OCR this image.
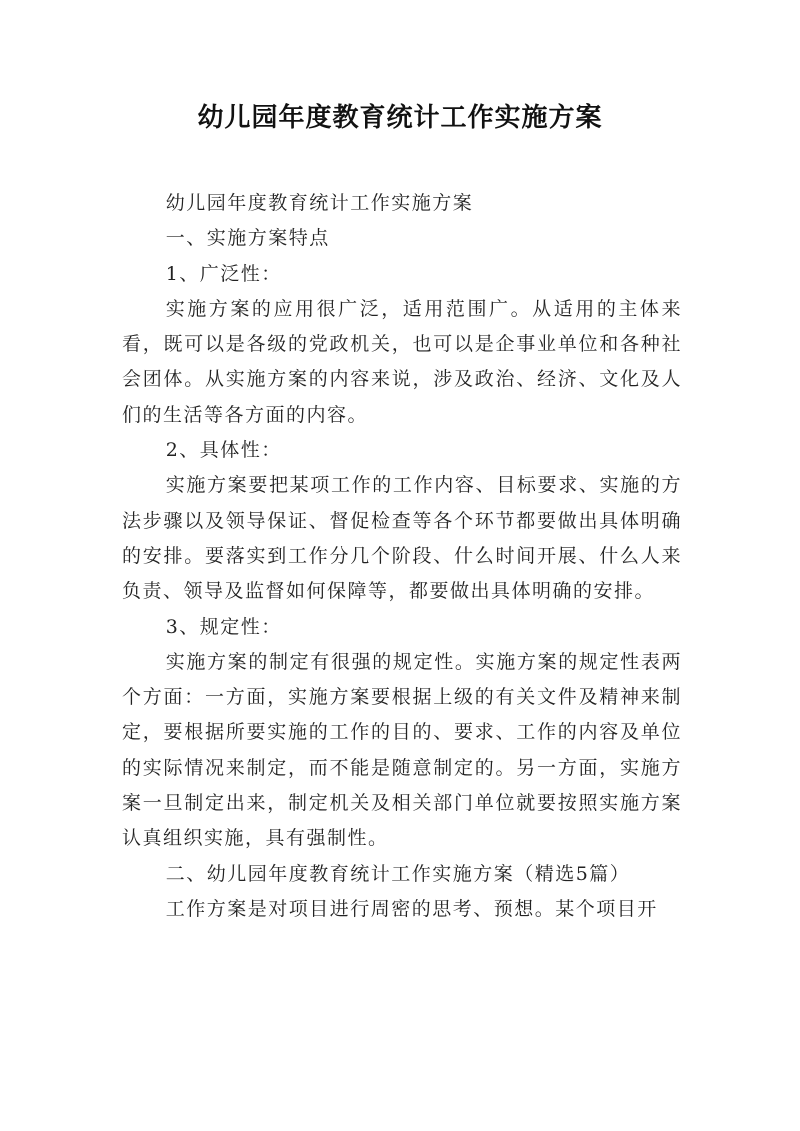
幼儿园年度教育统计工作实施方案

幼儿园年度教育统计工作实施方案

一、实施方案特点

1、广泛性：

实施方案的应用很广泛，适用范围广。从适用的主体来看，既可以是各级的党政机关，也可以是企事业单位和各种社会团体。从实施方案的内容来说，涉及政治、经济、文化及人们的生活等各方面的内容。

2、具体性：

实施方案要把某项工作的工作内容、目标要求、实施的方法步骤以及领导保证、督促检查等各个环节都要做出具体明确的安排。要落实到工作分几个阶段、什么时间开展、什么人来负责、领导及监督如何保障等，都要做出具体明确的安排。

3、规定性：

实施方案的制定有很强的规定性。实施方案的规定性表两个方面：一方面，实施方案要根据上级的有关文件及精神来制定，要根据所要实施的工作的目的、要求、工作的内容及单位的实际情况来制定，而不能是随意制定的。另一方面，实施方案一旦制定出来，制定机关及相关部门单位就要按照实施方案认真组织实施，具有强制性。

二、幼儿园年度教育统计工作实施方案（精选5篇）

工作方案是对项目进行周密的思考、预想。某个项目开
